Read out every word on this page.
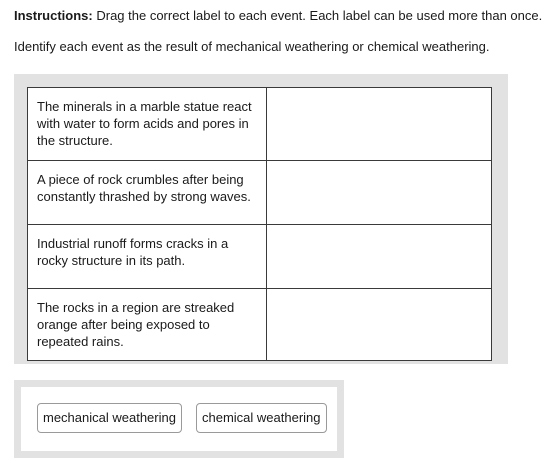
Instructions: Drag the correct label to each event. Each label can be used more than once.
Identify each event as the result of mechanical weathering or chemical weathering.
The minerals in a marble statue react with water to form acids and pores in the structure.	
A piece of rock crumbles after being constantly thrashed by strong waves.	
Industrial runoff forms cracks in a rocky structure in its path.	
The rocks in a region are streaked orange after being exposed to repeated rains.	
mechanical weathering	chemical weathering
